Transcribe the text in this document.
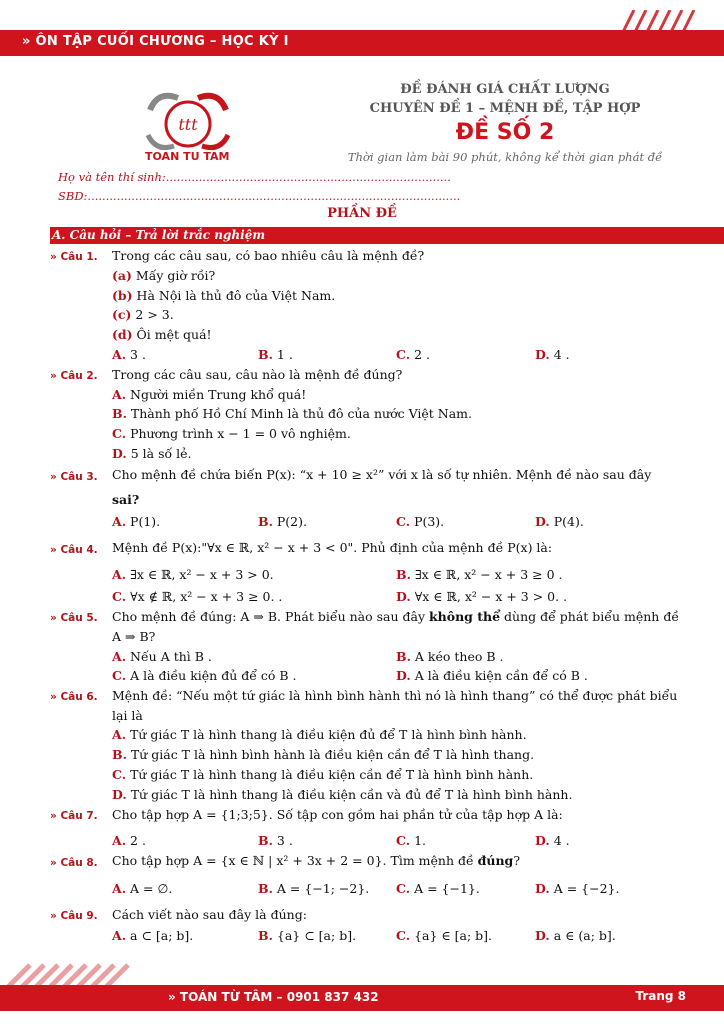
» ÔN TẬP CUỐI CHƯƠNG – HỌC KỲ I
ttt
TOAN TU TAM
ĐỀ ĐÁNH GIÁ CHẤT LƯỢNG
CHUYÊN ĐỀ 1 – MỆNH ĐỀ, TẬP HỢP
ĐỀ SỐ 2
Thời gian làm bài 90 phút, không kể thời gian phát đề
Họ và tên thí sinh:..............................................................................
SBD:......................................................................................................
PHẦN ĐỀ
A. Câu hỏi – Trả lời trắc nghiệm
» Câu 1. Trong các câu sau, có bao nhiêu câu là mệnh đề?
(a) Mấy giờ rồi?
(b) Hà Nội là thủ đô của Việt Nam.
(c) 2 > 3.
(d) Ôi mệt quá!
A. 3 .	B. 1 .	C. 2 .	D. 4 .
» Câu 2. Trong các câu sau, câu nào là mệnh đề đúng?
A. Người miền Trung khổ quá!
B. Thành phố Hồ Chí Minh là thủ đô của nước Việt Nam.
C. Phương trình x − 1 = 0 vô nghiệm.
D. 5 là số lẻ.
» Câu 3. Cho mệnh đề chứa biến P(x): “x + 10 ≥ x²” với x là số tự nhiên. Mệnh đề nào sau đây
sai?
A. P(1).	B. P(2).	C. P(3).	D. P(4).
» Câu 4. Mệnh đề P(x):"∀x ∈ ℝ, x² − x + 3 < 0". Phủ định của mệnh đề P(x) là:
A. ∃x ∈ ℝ, x² − x + 3 > 0.	B. ∃x ∈ ℝ, x² − x + 3 ≥ 0 .
C. ∀x ∉ ℝ, x² − x + 3 ≥ 0. .	D. ∀x ∈ ℝ, x² − x + 3 > 0. .
» Câu 5. Cho mệnh đề đúng: A ⇒ B. Phát biểu nào sau đây không thể dùng để phát biểu mệnh đề
A ⇒ B?
A. Nếu A thì B .	B. A kéo theo B .
C. A là điều kiện đủ để có B .	D. A là điều kiện cần để có B .
» Câu 6. Mệnh đề: “Nếu một tứ giác là hình bình hành thì nó là hình thang” có thể được phát biểu
lại là
A. Tứ giác T là hình thang là điều kiện đủ để T là hình bình hành.
B. Tứ giác T là hình bình hành là điều kiện cần để T là hình thang.
C. Tứ giác T là hình thang là điều kiện cần để T là hình bình hành.
D. Tứ giác T là hình thang là điều kiện cần và đủ để T là hình bình hành.
» Câu 7. Cho tập hợp A = {1;3;5}. Số tập con gồm hai phần tử của tập hợp A là:
A. 2 .	B. 3 .	C. 1.	D. 4 .
» Câu 8. Cho tập hợp A = {x ∈ ℕ | x² + 3x + 2 = 0}. Tìm mệnh đề đúng?
A. A = ∅.	B. A = {−1; −2}. C. A = {−1}.	D. A = {−2}.
» Câu 9. Cách viết nào sau đây là đúng:
A. a ⊂ [a; b].	B. {a} ⊂ [a; b].	C. {a} ∈ [a; b].	D. a ∈ (a; b].
» TOÁN TỪ TÂM – 0901 837 432	Trang 8
